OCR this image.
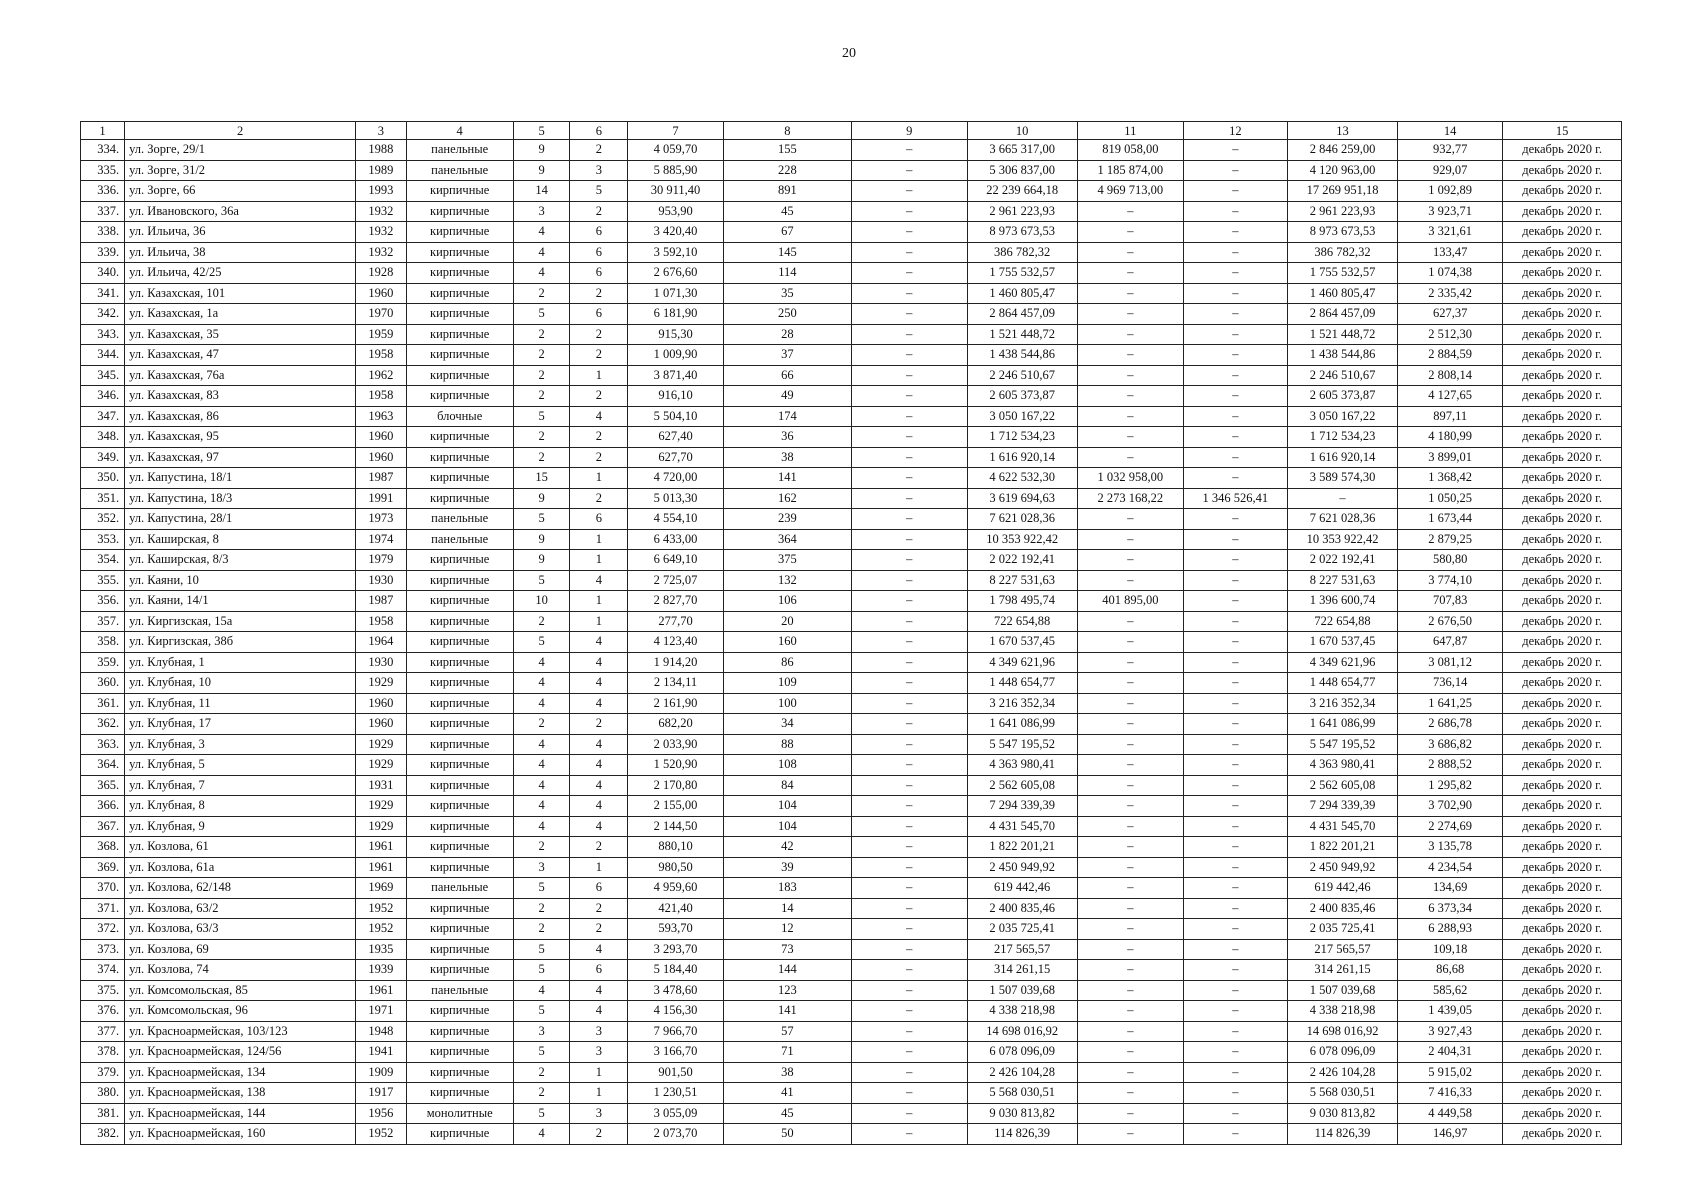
20
1	2	3	4	5	6	7	8	9	10	11	12	13	14	15
334.	ул. Зорге, 29/1	1988	панельные	9	2	4 059,70	155	–	3 665 317,00	819 058,00	–	2 846 259,00	932,77	декабрь 2020 г.
335.	ул. Зорге, 31/2	1989	панельные	9	3	5 885,90	228	–	5 306 837,00	1 185 874,00	–	4 120 963,00	929,07	декабрь 2020 г.
336.	ул. Зорге, 66	1993	кирпичные	14	5	30 911,40	891	–	22 239 664,18	4 969 713,00	–	17 269 951,18	1 092,89	декабрь 2020 г.
337.	ул. Ивановского, 36а	1932	кирпичные	3	2	953,90	45	–	2 961 223,93	–	–	2 961 223,93	3 923,71	декабрь 2020 г.
338.	ул. Ильича, 36	1932	кирпичные	4	6	3 420,40	67	–	8 973 673,53	–	–	8 973 673,53	3 321,61	декабрь 2020 г.
339.	ул. Ильича, 38	1932	кирпичные	4	6	3 592,10	145	–	386 782,32	–	–	386 782,32	133,47	декабрь 2020 г.
340.	ул. Ильича, 42/25	1928	кирпичные	4	6	2 676,60	114	–	1 755 532,57	–	–	1 755 532,57	1 074,38	декабрь 2020 г.
341.	ул. Казахская, 101	1960	кирпичные	2	2	1 071,30	35	–	1 460 805,47	–	–	1 460 805,47	2 335,42	декабрь 2020 г.
342.	ул. Казахская, 1а	1970	кирпичные	5	6	6 181,90	250	–	2 864 457,09	–	–	2 864 457,09	627,37	декабрь 2020 г.
343.	ул. Казахская, 35	1959	кирпичные	2	2	915,30	28	–	1 521 448,72	–	–	1 521 448,72	2 512,30	декабрь 2020 г.
344.	ул. Казахская, 47	1958	кирпичные	2	2	1 009,90	37	–	1 438 544,86	–	–	1 438 544,86	2 884,59	декабрь 2020 г.
345.	ул. Казахская, 76а	1962	кирпичные	2	1	3 871,40	66	–	2 246 510,67	–	–	2 246 510,67	2 808,14	декабрь 2020 г.
346.	ул. Казахская, 83	1958	кирпичные	2	2	916,10	49	–	2 605 373,87	–	–	2 605 373,87	4 127,65	декабрь 2020 г.
347.	ул. Казахская, 86	1963	блочные	5	4	5 504,10	174	–	3 050 167,22	–	–	3 050 167,22	897,11	декабрь 2020 г.
348.	ул. Казахская, 95	1960	кирпичные	2	2	627,40	36	–	1 712 534,23	–	–	1 712 534,23	4 180,99	декабрь 2020 г.
349.	ул. Казахская, 97	1960	кирпичные	2	2	627,70	38	–	1 616 920,14	–	–	1 616 920,14	3 899,01	декабрь 2020 г.
350.	ул. Капустина, 18/1	1987	кирпичные	15	1	4 720,00	141	–	4 622 532,30	1 032 958,00	–	3 589 574,30	1 368,42	декабрь 2020 г.
351.	ул. Капустина, 18/3	1991	кирпичные	9	2	5 013,30	162	–	3 619 694,63	2 273 168,22	1 346 526,41	–	1 050,25	декабрь 2020 г.
352.	ул. Капустина, 28/1	1973	панельные	5	6	4 554,10	239	–	7 621 028,36	–	–	7 621 028,36	1 673,44	декабрь 2020 г.
353.	ул. Каширская, 8	1974	панельные	9	1	6 433,00	364	–	10 353 922,42	–	–	10 353 922,42	2 879,25	декабрь 2020 г.
354.	ул. Каширская, 8/3	1979	кирпичные	9	1	6 649,10	375	–	2 022 192,41	–	–	2 022 192,41	580,80	декабрь 2020 г.
355.	ул. Каяни, 10	1930	кирпичные	5	4	2 725,07	132	–	8 227 531,63	–	–	8 227 531,63	3 774,10	декабрь 2020 г.
356.	ул. Каяни, 14/1	1987	кирпичные	10	1	2 827,70	106	–	1 798 495,74	401 895,00	–	1 396 600,74	707,83	декабрь 2020 г.
357.	ул. Киргизская, 15а	1958	кирпичные	2	1	277,70	20	–	722 654,88	–	–	722 654,88	2 676,50	декабрь 2020 г.
358.	ул. Киргизская, 38б	1964	кирпичные	5	4	4 123,40	160	–	1 670 537,45	–	–	1 670 537,45	647,87	декабрь 2020 г.
359.	ул. Клубная, 1	1930	кирпичные	4	4	1 914,20	86	–	4 349 621,96	–	–	4 349 621,96	3 081,12	декабрь 2020 г.
360.	ул. Клубная, 10	1929	кирпичные	4	4	2 134,11	109	–	1 448 654,77	–	–	1 448 654,77	736,14	декабрь 2020 г.
361.	ул. Клубная, 11	1960	кирпичные	4	4	2 161,90	100	–	3 216 352,34	–	–	3 216 352,34	1 641,25	декабрь 2020 г.
362.	ул. Клубная, 17	1960	кирпичные	2	2	682,20	34	–	1 641 086,99	–	–	1 641 086,99	2 686,78	декабрь 2020 г.
363.	ул. Клубная, 3	1929	кирпичные	4	4	2 033,90	88	–	5 547 195,52	–	–	5 547 195,52	3 686,82	декабрь 2020 г.
364.	ул. Клубная, 5	1929	кирпичные	4	4	1 520,90	108	–	4 363 980,41	–	–	4 363 980,41	2 888,52	декабрь 2020 г.
365.	ул. Клубная, 7	1931	кирпичные	4	4	2 170,80	84	–	2 562 605,08	–	–	2 562 605,08	1 295,82	декабрь 2020 г.
366.	ул. Клубная, 8	1929	кирпичные	4	4	2 155,00	104	–	7 294 339,39	–	–	7 294 339,39	3 702,90	декабрь 2020 г.
367.	ул. Клубная, 9	1929	кирпичные	4	4	2 144,50	104	–	4 431 545,70	–	–	4 431 545,70	2 274,69	декабрь 2020 г.
368.	ул. Козлова, 61	1961	кирпичные	2	2	880,10	42	–	1 822 201,21	–	–	1 822 201,21	3 135,78	декабрь 2020 г.
369.	ул. Козлова, 61а	1961	кирпичные	3	1	980,50	39	–	2 450 949,92	–	–	2 450 949,92	4 234,54	декабрь 2020 г.
370.	ул. Козлова, 62/148	1969	панельные	5	6	4 959,60	183	–	619 442,46	–	–	619 442,46	134,69	декабрь 2020 г.
371.	ул. Козлова, 63/2	1952	кирпичные	2	2	421,40	14	–	2 400 835,46	–	–	2 400 835,46	6 373,34	декабрь 2020 г.
372.	ул. Козлова, 63/3	1952	кирпичные	2	2	593,70	12	–	2 035 725,41	–	–	2 035 725,41	6 288,93	декабрь 2020 г.
373.	ул. Козлова, 69	1935	кирпичные	5	4	3 293,70	73	–	217 565,57	–	–	217 565,57	109,18	декабрь 2020 г.
374.	ул. Козлова, 74	1939	кирпичные	5	6	5 184,40	144	–	314 261,15	–	–	314 261,15	86,68	декабрь 2020 г.
375.	ул. Комсомольская, 85	1961	панельные	4	4	3 478,60	123	–	1 507 039,68	–	–	1 507 039,68	585,62	декабрь 2020 г.
376.	ул. Комсомольская, 96	1971	кирпичные	5	4	4 156,30	141	–	4 338 218,98	–	–	4 338 218,98	1 439,05	декабрь 2020 г.
377.	ул. Красноармейская, 103/123	1948	кирпичные	3	3	7 966,70	57	–	14 698 016,92	–	–	14 698 016,92	3 927,43	декабрь 2020 г.
378.	ул. Красноармейская, 124/56	1941	кирпичные	5	3	3 166,70	71	–	6 078 096,09	–	–	6 078 096,09	2 404,31	декабрь 2020 г.
379.	ул. Красноармейская, 134	1909	кирпичные	2	1	901,50	38	–	2 426 104,28	–	–	2 426 104,28	5 915,02	декабрь 2020 г.
380.	ул. Красноармейская, 138	1917	кирпичные	2	1	1 230,51	41	–	5 568 030,51	–	–	5 568 030,51	7 416,33	декабрь 2020 г.
381.	ул. Красноармейская, 144	1956	монолитные	5	3	3 055,09	45	–	9 030 813,82	–	–	9 030 813,82	4 449,58	декабрь 2020 г.
382.	ул. Красноармейская, 160	1952	кирпичные	4	2	2 073,70	50	–	114 826,39	–	–	114 826,39	146,97	декабрь 2020 г.
